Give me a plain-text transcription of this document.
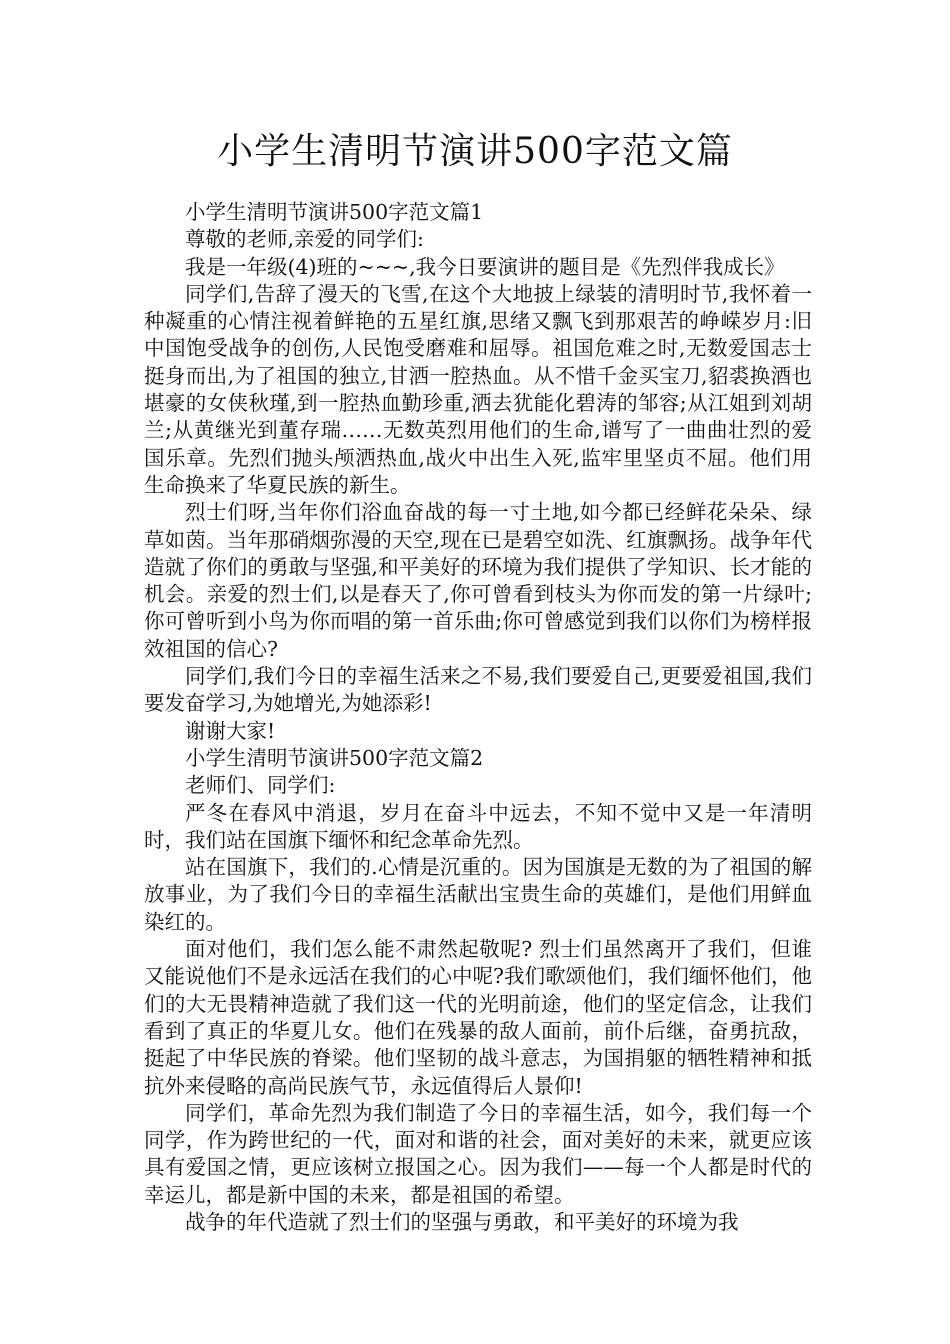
小学生清明节演讲500字范文篇

小学生清明节演讲500字范文篇1

尊敬的老师,亲爱的同学们:

我是一年级(4)班的~~~,我今日要演讲的题目是《先烈伴我成长》

同学们,告辞了漫天的飞雪,在这个大地披上绿装的清明时节,我怀着一种凝重的心情注视着鲜艳的五星红旗,思绪又飘飞到那艰苦的峥嵘岁月:旧中国饱受战争的创伤,人民饱受磨难和屈辱。祖国危难之时,无数爱国志士挺身而出,为了祖国的独立,甘洒一腔热血。从不惜千金买宝刀,貂裘换酒也堪豪的女侠秋瑾,到一腔热血勤珍重,洒去犹能化碧涛的邹容;从江姐到刘胡兰;从黄继光到董存瑞……无数英烈用他们的生命,谱写了一曲曲壮烈的爱国乐章。先烈们抛头颅洒热血,战火中出生入死,监牢里坚贞不屈。他们用生命换来了华夏民族的新生。

烈士们呀,当年你们浴血奋战的每一寸土地,如今都已经鲜花朵朵、绿草如茵。当年那硝烟弥漫的天空,现在已是碧空如洗、红旗飘扬。战争年代造就了你们的勇敢与坚强,和平美好的环境为我们提供了学知识、长才能的机会。亲爱的烈士们,以是春天了,你可曾看到枝头为你而发的第一片绿叶;你可曾听到小鸟为你而唱的第一首乐曲;你可曾感觉到我们以你们为榜样报效祖国的信心?

同学们,我们今日的幸福生活来之不易,我们要爱自己,更要爱祖国,我们要发奋学习,为她增光,为她添彩!

谢谢大家!

小学生清明节演讲500字范文篇2

老师们、同学们:

严冬在春风中消退，岁月在奋斗中远去，不知不觉中又是一年清明时，我们站在国旗下缅怀和纪念革命先烈。

站在国旗下，我们的.心情是沉重的。因为国旗是无数的为了祖国的解放事业，为了我们今日的幸福生活献出宝贵生命的英雄们，是他们用鲜血染红的。

面对他们，我们怎么能不肃然起敬呢? 烈士们虽然离开了我们，但谁又能说他们不是永远活在我们的心中呢?我们歌颂他们，我们缅怀他们，他们的大无畏精神造就了我们这一代的光明前途，他们的坚定信念，让我们看到了真正的华夏儿女。他们在残暴的敌人面前，前仆后继，奋勇抗敌，挺起了中华民族的脊梁。他们坚韧的战斗意志，为国捐躯的牺牲精神和抵抗外来侵略的高尚民族气节，永远值得后人景仰!

同学们，革命先烈为我们制造了今日的幸福生活，如今，我们每一个同学，作为跨世纪的一代，面对和谐的社会，面对美好的未来，就更应该具有爱国之情，更应该树立报国之心。因为我们——每一个人都是时代的幸运儿，都是新中国的未来，都是祖国的希望。

战争的年代造就了烈士们的坚强与勇敢，和平美好的环境为我
